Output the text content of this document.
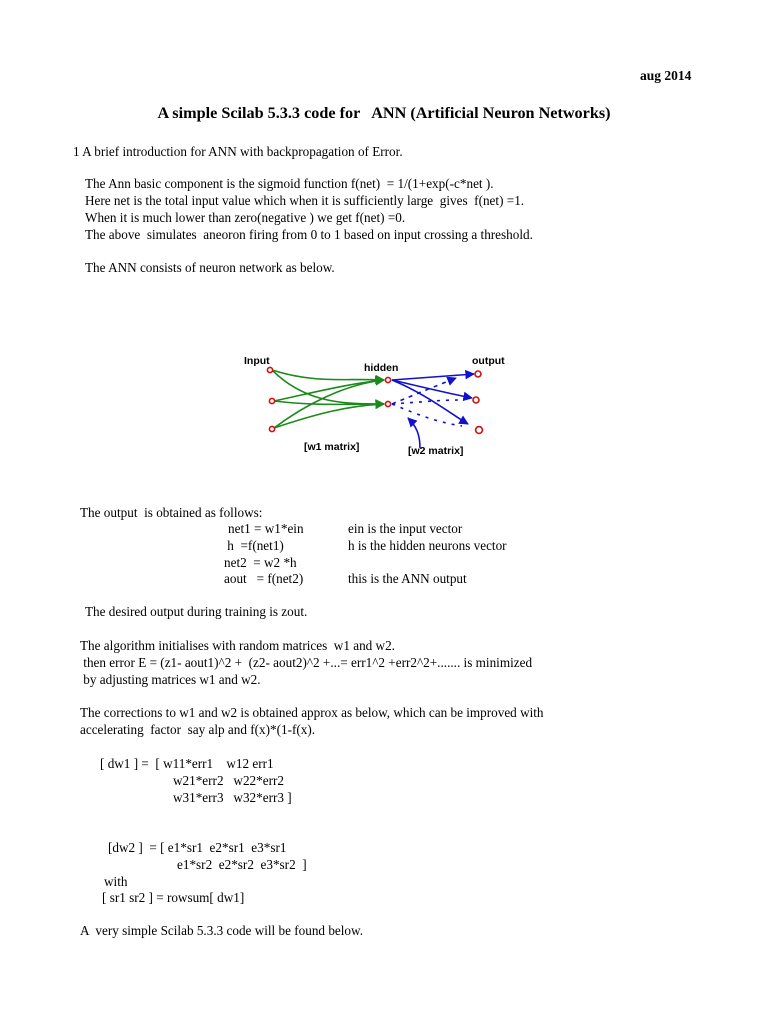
aug 2014
A simple Scilab 5.3.3 code for   ANN (Artificial Neuron Networks)
1 A brief introduction for ANN with backpropagation of Error.
The Ann basic component is the sigmoid function f(net)  = 1/(1+exp(-c*net ).
Here net is the total input value which when it is sufficiently large  gives  f(net) =1.
When it is much lower than zero(negative ) we get f(net) =0.
The above  simulates  aneoron firing from 0 to 1 based on input crossing a threshold.
The ANN consists of neuron network as below.
Input
hidden
output
[w1 matrix]	[w2 matrix]
The output  is obtained as follows:
net1 = w1*ein	ein is the input vector
h  =f(net1)	h is the hidden neurons vector
net2  = w2 *h
aout   = f(net2)	this is the ANN output
The desired output during training is zout.
The algorithm initialises with random matrices  w1 and w2.
then error E = (z1- aout1)^2 +  (z2- aout2)^2 +...= err1^2 +err2^2+....... is minimized
by adjusting matrices w1 and w2.
The corrections to w1 and w2 is obtained approx as below, which can be improved with
accelerating  factor  say alp and f(x)*(1-f(x).
[ dw1 ] =  [ w11*err1    w12 err1
w21*err2   w22*err2
w31*err3   w32*err3 ]
[dw2 ]  = [ e1*sr1  e2*sr1  e3*sr1
e1*sr2  e2*sr2  e3*sr2  ]
with
[ sr1 sr2 ] = rowsum[ dw1]
A  very simple Scilab 5.3.3 code will be found below.
